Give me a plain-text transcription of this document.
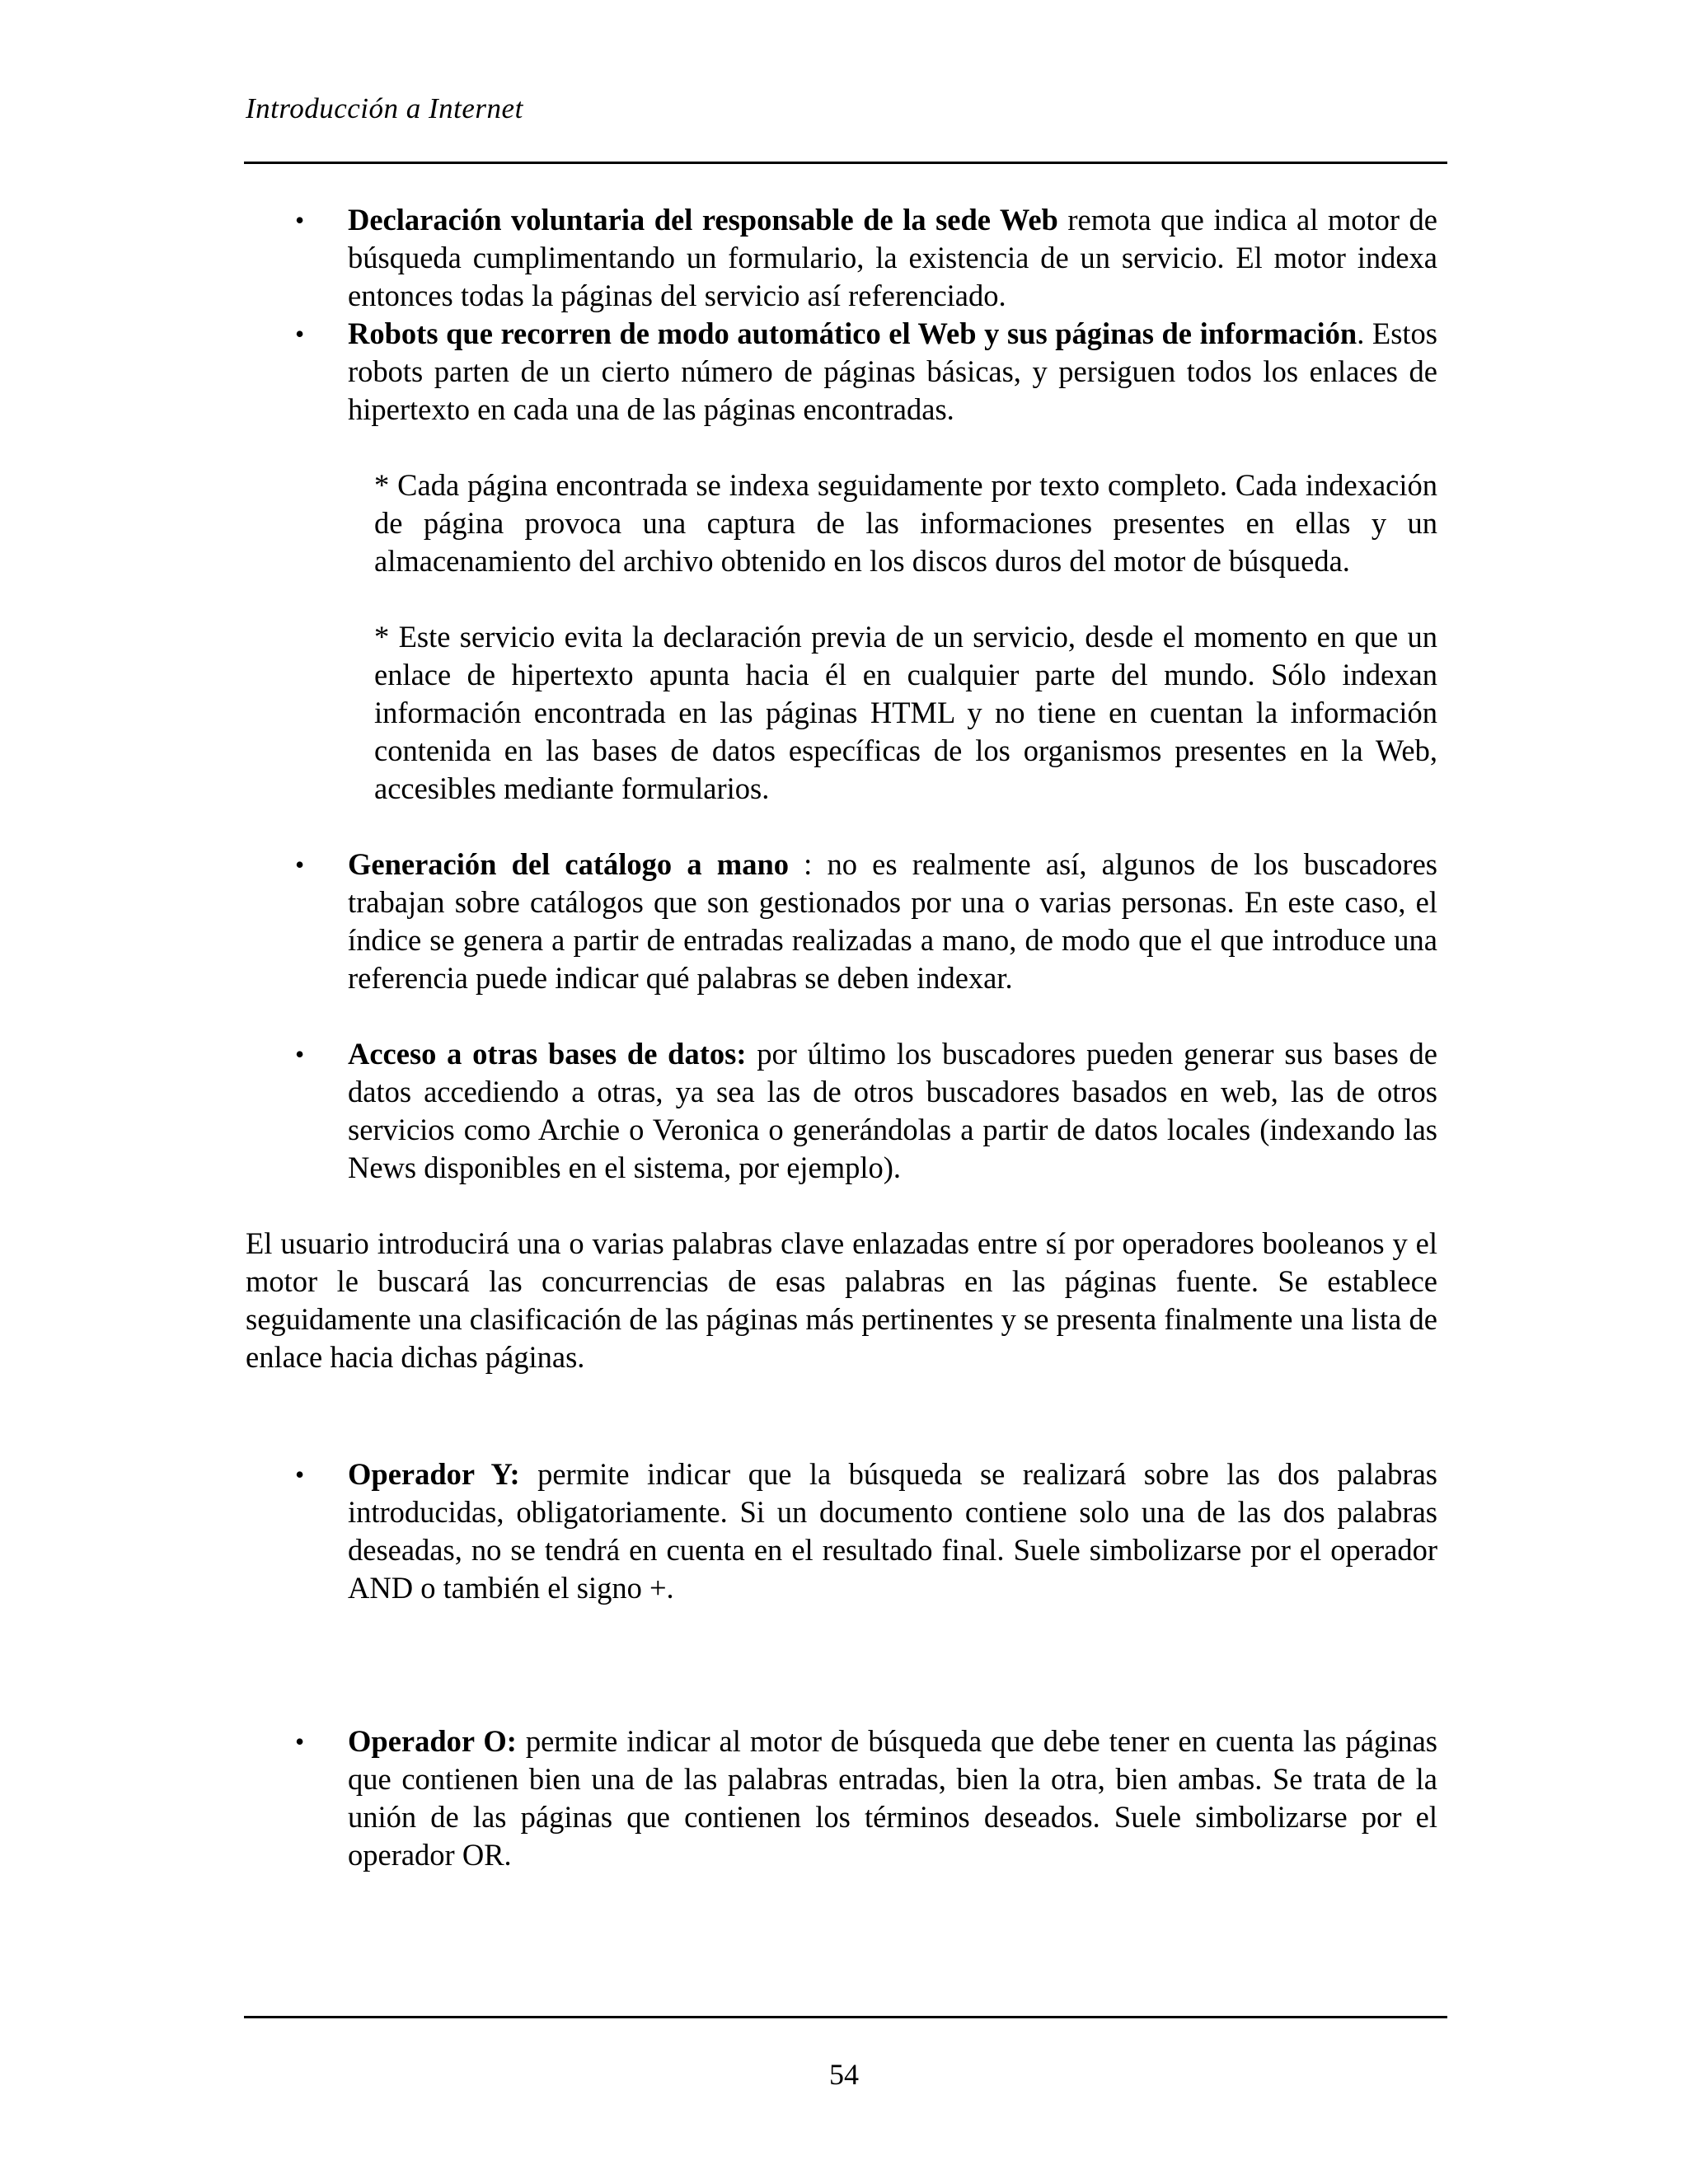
Introducción a Internet
• Declaración voluntaria del responsable de la sede Web remota que indica al motor de búsqueda cumplimentando un formulario, la existencia de un servicio. El motor indexa entonces todas la páginas del servicio así referenciado.
• Robots que recorren de modo automático el Web y sus páginas de información. Estos robots parten de un cierto número de páginas básicas, y persiguen todos los enlaces de hipertexto en cada una de las páginas encontradas.
* Cada página encontrada se indexa seguidamente por texto completo. Cada indexación de página provoca una captura de las informaciones presentes en ellas y un almacenamiento del archivo obtenido en los discos duros del motor de búsqueda.
* Este servicio evita la declaración previa de un servicio, desde el momento en que un enlace de hipertexto apunta hacia él en cualquier parte del mundo. Sólo indexan información encontrada en las páginas HTML y no tiene en cuentan la información contenida en las bases de datos específicas de los organismos presentes en la Web, accesibles mediante formularios.
• Generación del catálogo a mano : no es realmente así, algunos de los buscadores trabajan sobre catálogos que son gestionados por una o varias personas. En este caso, el índice se genera a partir de entradas realizadas a mano, de modo que el que introduce una referencia puede indicar qué palabras se deben indexar.
• Acceso a otras bases de datos: por último los buscadores pueden generar sus bases de datos accediendo a otras, ya sea las de otros buscadores basados en web, las de otros servicios como Archie o Veronica o generándolas a partir de datos locales (indexando las News disponibles en el sistema, por ejemplo).
El usuario introducirá una o varias palabras clave enlazadas entre sí por operadores booleanos y el motor le buscará las concurrencias de esas palabras en las páginas fuente. Se establece seguidamente una clasificación de las páginas más pertinentes y se presenta finalmente una lista de enlace hacia dichas páginas.
• Operador Y: permite indicar que la búsqueda se realizará sobre las dos palabras introducidas, obligatoriamente. Si un documento contiene solo una de las dos palabras deseadas, no se tendrá en cuenta en el resultado final. Suele simbolizarse por el operador AND o también el signo +.
• Operador O: permite indicar al motor de búsqueda que debe tener en cuenta las páginas que contienen bien una de las palabras entradas, bien la otra, bien ambas. Se trata de la unión de las páginas que contienen los términos deseados. Suele simbolizarse por el operador OR.
54
